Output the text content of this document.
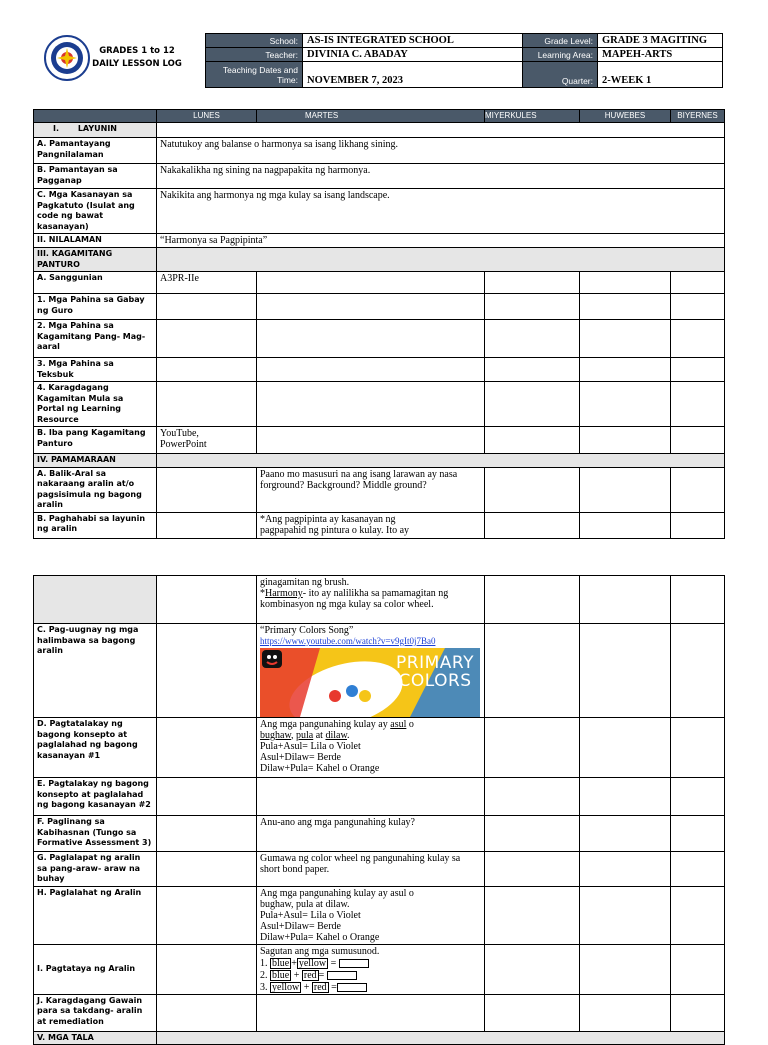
GRADES 1 to 12
DAILY LESSON LOG
School:	AS-IS INTEGRATED SCHOOL	Grade Level:	GRADE 3 MAGITING
Teacher:	DIVINIA C. ABADAY	Learning Area:	MAPEH-ARTS

Teaching Dates and
Time:	NOVEMBER 7, 2023	Quarter:	2-WEEK 1
	LUNES	MARTES	MIYERKULES	HUWEBES	BIYERNES
I. LAYUNIN					
A. Pamantayang Pangnilalaman	Natutukoy ang balanse o harmonya sa isang likhang sining.				
B. Pamantayan sa Pagganap	Nakakalikha ng sining na nagpapakita ng harmonya.				
C. Mga Kasanayan sa Pagkatuto (Isulat ang code ng bawat kasanayan)	Nakikita ang harmonya ng mga kulay sa isang landscape.				
II. NILALAMAN	“Harmonya sa Pagpipinta”				
III. KAGAMITANG PANTURO					
A. Sanggunian	A3PR-IIe				
1. Mga Pahina sa Gabay ng Guro					
2. Mga Pahina sa Kagamitang Pang- Mag-aaral					
3. Mga Pahina sa Teksbuk					
4. Karagdagang Kagamitan Mula sa Portal ng Learning Resource					
B. Iba pang Kagamitang Panturo	YouTube,
PowerPoint				

IV. PAMAMARAAN					
A. Balik-Aral sa nakaraang aralin at/o pagsisimula ng bagong aralin		Paano mo masusuri na ang isang larawan ay nasa forground? Background? Middle ground?			
B. Paghahabi sa layunin ng aralin		*Ang pagpipinta ay kasanayan ng
pagpapahid ng pintura o kulay. Ito ay			

		ginagamitan ng brush.
*Harmony- ito ay nalilikha sa pamamagitan ng kombinasyon ng mga kulay sa color wheel.			

C. Pag-uugnay ng mga halimbawa sa bagong aralin		“Primary Colors Song”
https://www.youtube.com/watch?v=v9gIt0j7Ba0
PRIMARY
COLORS			

D. Pagtatalakay ng bagong konsepto at paglalahad ng bagong kasanayan #1		Ang mga pangunahing kulay ay asul o
bughaw, pula at dilaw.
Pula+Asul= Lila o Violet
Asul+Dilaw= Berde
Dilaw+Pula= Kahel o Orange			

E. Pagtalakay ng bagong konsepto at paglalahad ng bagong kasanayan #2					
F. Paglinang sa Kabihasnan (Tungo sa Formative Assessment 3)		Anu-ano ang mga pangunahing kulay?			
G. Paglalapat ng aralin sa pang-araw- araw na buhay		Gumawa ng color wheel ng pangunahing kulay sa short bond paper.			
H. Paglalahat ng Aralin		Ang mga pangunahing kulay ay asul o
bughaw, pula at dilaw.
Pula+Asul= Lila o Violet
Asul+Dilaw= Berde
Dilaw+Pula= Kahel o Orange			

I. Pagtataya ng Aralin		Sagutan ang mga sumusunod.
1. blue + yellow =
2. blue + red =
3. yellow + red =			

J. Karagdagang Gawain para sa takdang- aralin at remediation					
V. MGA TALA					
